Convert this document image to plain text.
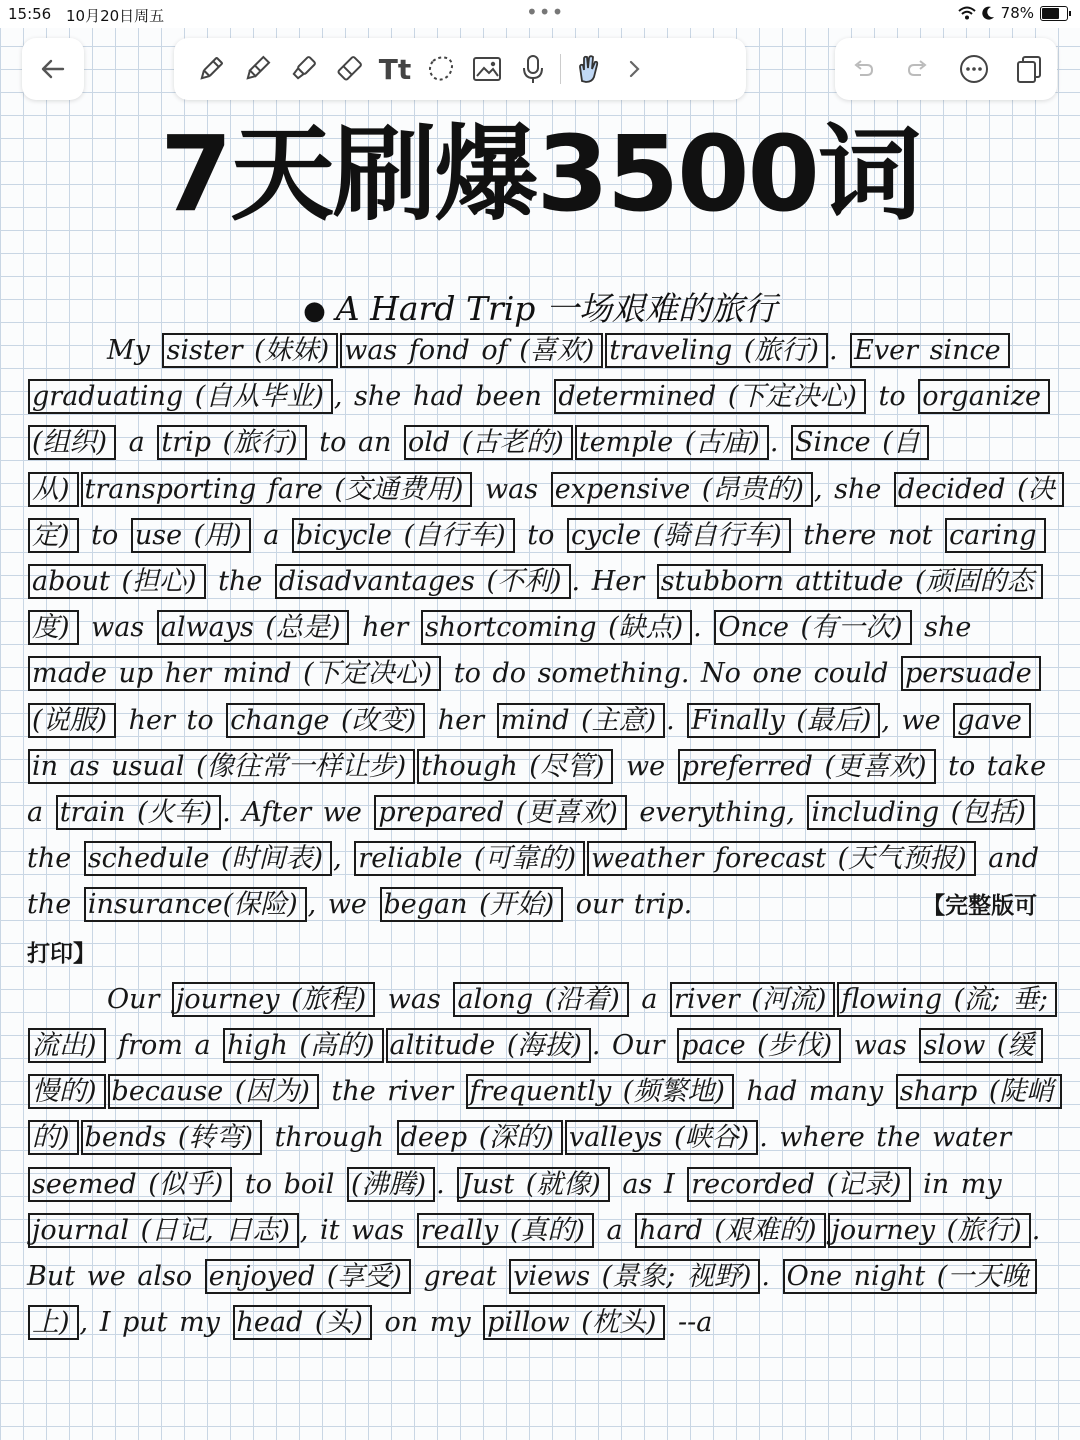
15:56 10月20日周五	•••	78%
Tt
7天刷爆3500词
● A Hard Trip 一场艰难的旅行

My sister (妹妹) was fond of (喜欢) traveling (旅行) . Ever since graduating (自从毕业) , she had been determined (下定决心) to organize (组织) a trip (旅行) to an old (古老的) temple (古庙) . Since (自从) transporting fare (交通费用) was expensive (昂贵的) , she decided (决定) to use (用) a bicycle (自行车) to cycle (骑自行车) there not caring about (担心) the disadvantages (不利) . Her stubborn attitude (顽固的态度) was always (总是) her shortcoming (缺点) . Once (有一次) she made up her mind (下定决心) to do something. No one could persuade (说服) her to change (改变) her mind (主意) . Finally (最后) , we gave in as usual (像往常一样让步) though (尽管) we preferred (更喜欢) to take a train (火车) . After we prepared (更喜欢) everything, including (包括) the schedule (时间表) , reliable (可靠的) weather forecast (天气预报) and the insurance(保险) , we began (开始) our trip.	【完整版可打印】

Our journey (旅程) was along (沿着) a river (河流) flowing (流; 垂; 流出) from a high (高的) altitude (海拔) . Our pace (步伐) was slow (缓慢的) because (因为) the river frequently (频繁地) had many sharp (陡峭的) bends (转弯) through deep (深的) valleys (峡谷) . where the water seemed (似乎) to boil (沸腾) . Just (就像) as I recorded (记录) in my journal (日记, 日志) , it was really (真的) a hard (艰难的) journey (旅行) . But we also enjoyed (享受) great views (景象; 视野) . One night (一天晚上) , I put my head (头) on my pillow (枕头) --a
